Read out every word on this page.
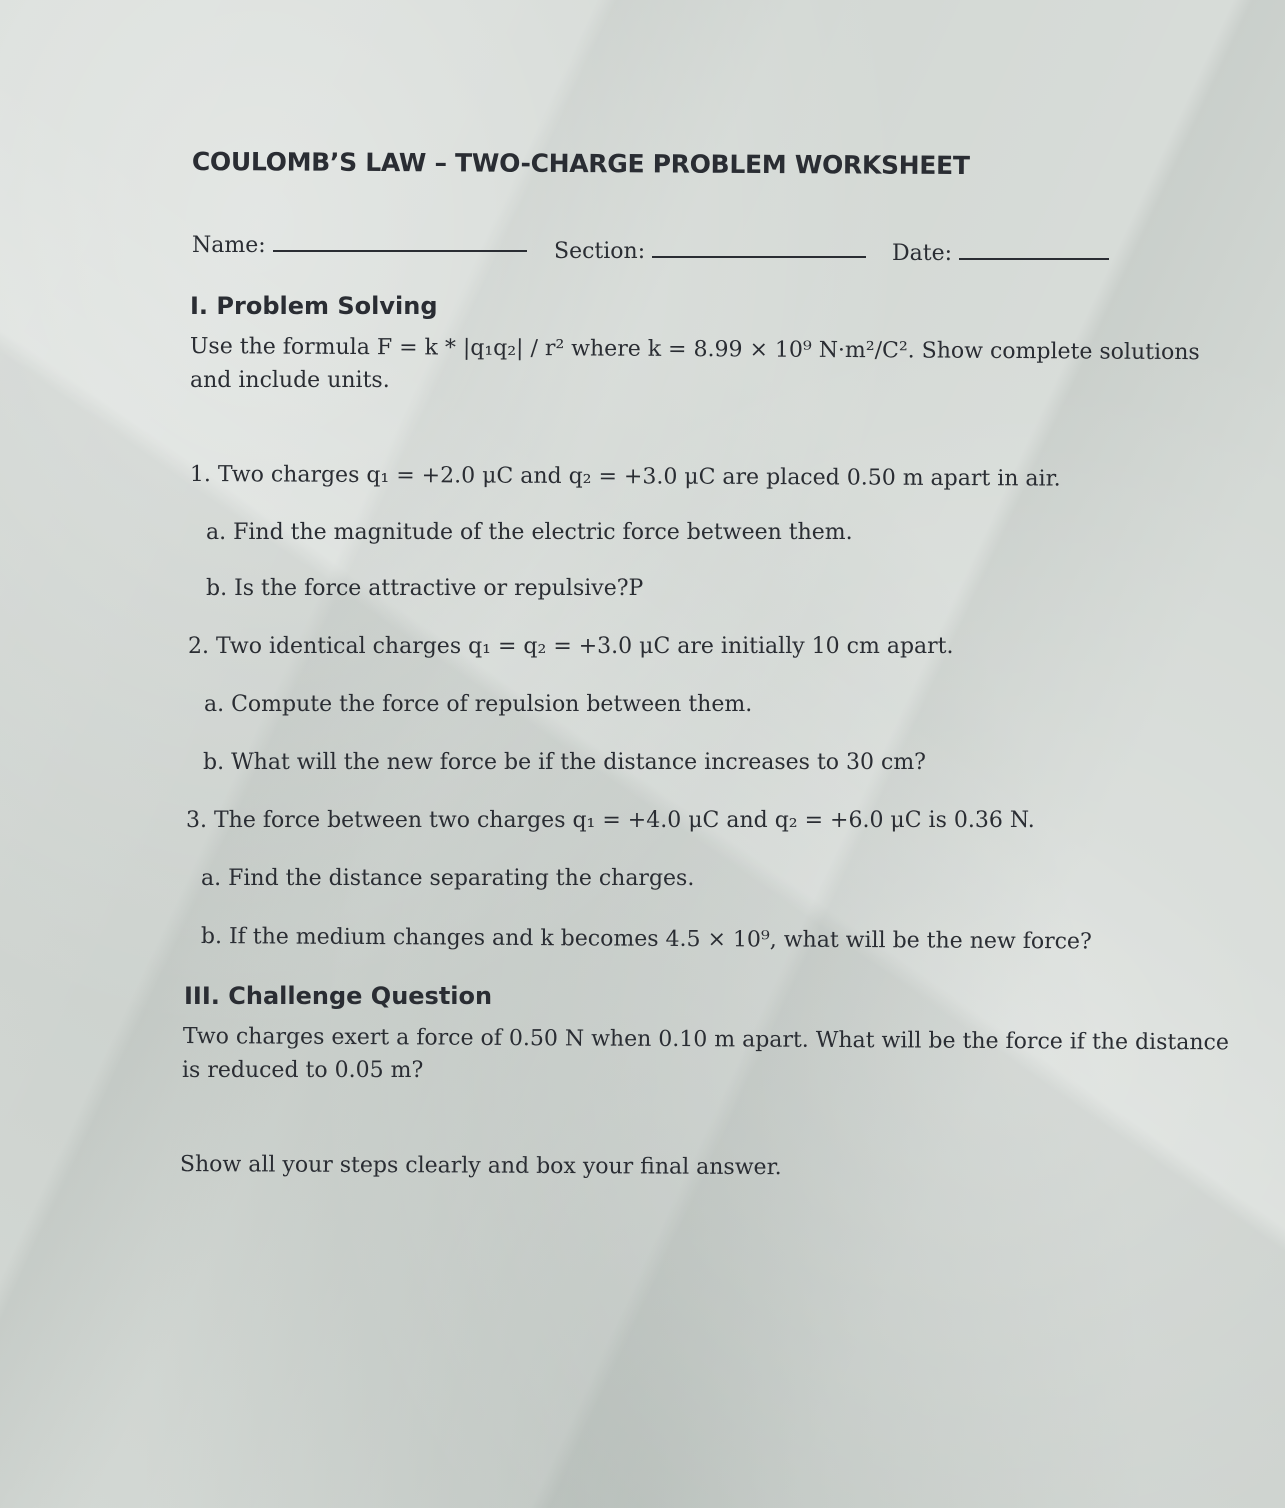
COULOMB’S LAW – TWO-CHARGE PROBLEM WORKSHEET
Name:	Section:	Date:
I. Problem Solving
Use the formula F = k * |q₁q₂| / r² where k = 8.99 × 10⁹ N·m²/C². Show complete solutions
and include units.
1. Two charges q₁ = +2.0 μC and q₂ = +3.0 μC are placed 0.50 m apart in air.
a. Find the magnitude of the electric force between them.
b. Is the force attractive or repulsive?P
2. Two identical charges q₁ = q₂ = +3.0 μC are initially 10 cm apart.
a. Compute the force of repulsion between them.
b. What will the new force be if the distance increases to 30 cm?
3. The force between two charges q₁ = +4.0 μC and q₂ = +6.0 μC is 0.36 N.
a. Find the distance separating the charges.
b. If the medium changes and k becomes 4.5 × 10⁹, what will be the new force?
III. Challenge Question
Two charges exert a force of 0.50 N when 0.10 m apart. What will be the force if the distance
is reduced to 0.05 m?
Show all your steps clearly and box your final answer.
